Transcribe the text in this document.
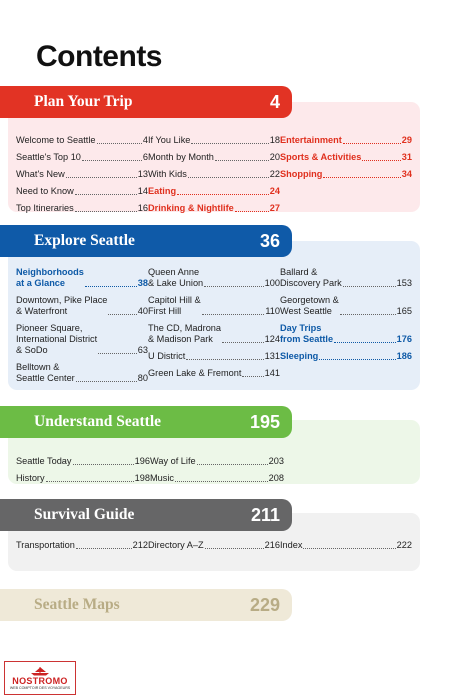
Contents
Plan Your Trip	4
Welcome to Seattle	4
Seattle's Top 10	6
What's New	13
Need to Know	14
Top Itineraries	16
If You Like	18
Month by Month	20
With Kids	22
Eating	24
Drinking & Nightlife	27
Entertainment	29
Sports & Activities	31
Shopping	34
Explore Seattle	36
Neighborhoods
at a Glance	38
Downtown, Pike Place
& Waterfront	40
Pioneer Square,
International District
& SoDo	63
Belltown &
Seattle Center	80
Queen Anne
& Lake Union	100
Capitol Hill &
First Hill	110
The CD, Madrona
& Madison Park	124
U District	131
Green Lake & Fremont	141
Ballard &
Discovery Park	153
Georgetown &
West Seattle	165
Day Trips
from Seattle	176
Sleeping	186
Understand Seattle	195
Seattle Today	196
History	198
Way of Life	203
Music	208
Survival Guide	211
Transportation	212 Directory A–Z	216 Index	222
Seattle Maps	229
NOSTROMO
WEB COMPTOIR DES VOYAGEURS
